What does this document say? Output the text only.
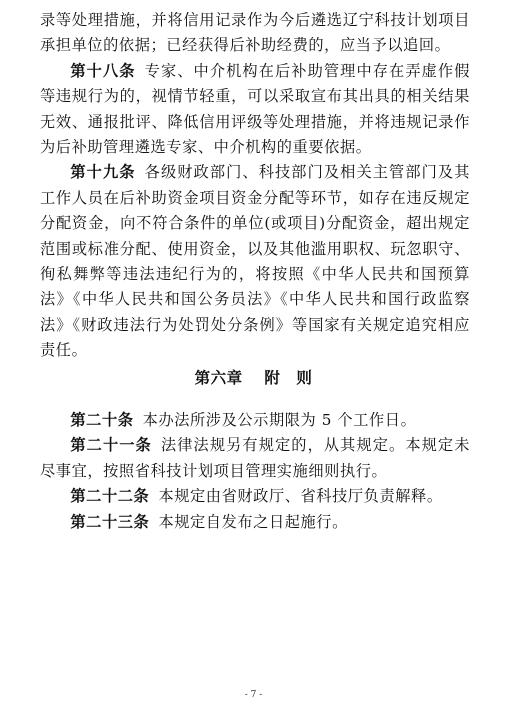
录等处理措施，并将信用记录作为今后遴选辽宁科技计划项目承担单位的依据；已经获得后补助经费的，应当予以追回。

第十八条 专家、中介机构在后补助管理中存在弄虚作假等违规行为的，视情节轻重，可以采取宣布其出具的相关结果无效、通报批评、降低信用评级等处理措施，并将违规记录作为后补助管理遴选专家、中介机构的重要依据。

第十九条 各级财政部门、科技部门及相关主管部门及其工作人员在后补助资金项目资金分配等环节，如存在违反规定分配资金，向不符合条件的单位(或项目)分配资金，超出规定范围或标准分配、使用资金，以及其他滥用职权、玩忽职守、徇私舞弊等违法违纪行为的，将按照《中华人民共和国预算法》《中华人民共和国公务员法》《中华人民共和国行政监察法》《财政违法行为处罚处分条例》等国家有关规定追究相应责任。

第六章 附　则

第二十条 本办法所涉及公示期限为 5 个工作日。

第二十一条 法律法规另有规定的，从其规定。本规定未尽事宜，按照省科技计划项目管理实施细则执行。

第二十二条 本规定由省财政厅、省科技厅负责解释。

第二十三条 本规定自发布之日起施行。

- 7 -
